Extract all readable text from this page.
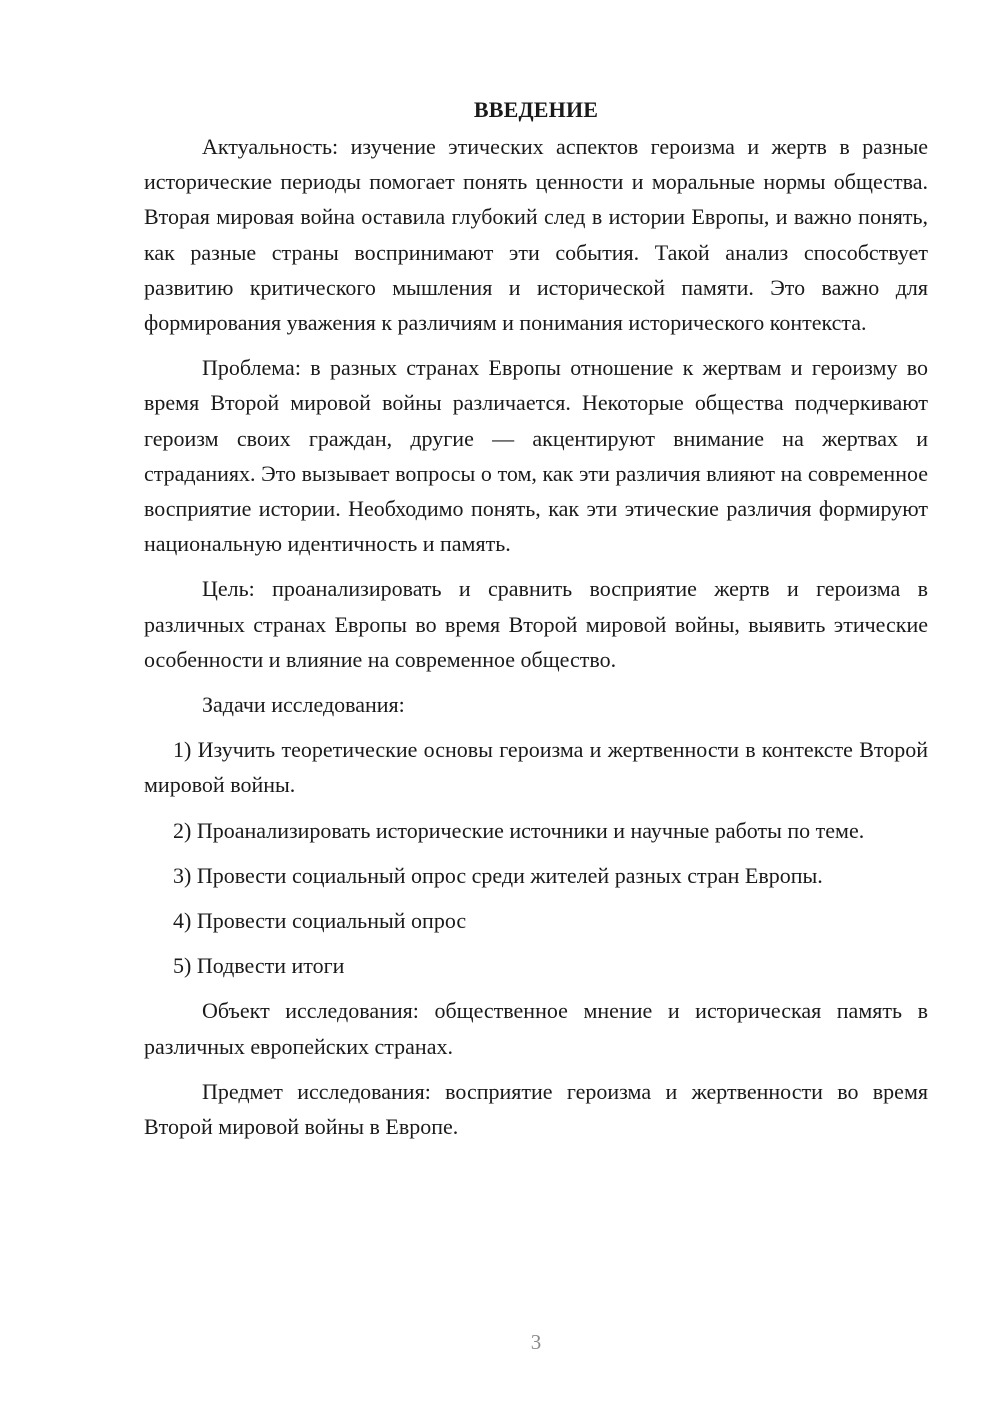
ВВЕДЕНИЕ

Актуальность: изучение этических аспектов героизма и жертв в разные исторические периоды помогает понять ценности и моральные нормы общества. Вторая мировая война оставила глубокий след в истории Европы, и важно понять, как разные страны воспринимают эти события. Такой анализ способствует развитию критического мышления и исторической памяти. Это важно для формирования уважения к различиям и понимания исторического контекста.

Проблема: в разных странах Европы отношение к жертвам и героизму во время Второй мировой войны различается. Некоторые общества подчеркивают героизм своих граждан, другие — акцентируют внимание на жертвах и страданиях. Это вызывает вопросы о том, как эти различия влияют на современное восприятие истории. Необходимо понять, как эти этические различия формируют национальную идентичность и память.

Цель: проанализировать и сравнить восприятие жертв и героизма в различных странах Европы во время Второй мировой войны, выявить этические особенности и влияние на современное общество.

Задачи исследования:

1) Изучить теоретические основы героизма и жертвенности в контексте Второй мировой войны.

2) Проанализировать исторические источники и научные работы по теме.

3) Провести социальный опрос среди жителей разных стран Европы.

4) Провести социальный опрос

5) Подвести итоги

Объект исследования: общественное мнение и историческая память в различных европейских странах.

Предмет исследования: восприятие героизма и жертвенности во время Второй мировой войны в Европе.

3
